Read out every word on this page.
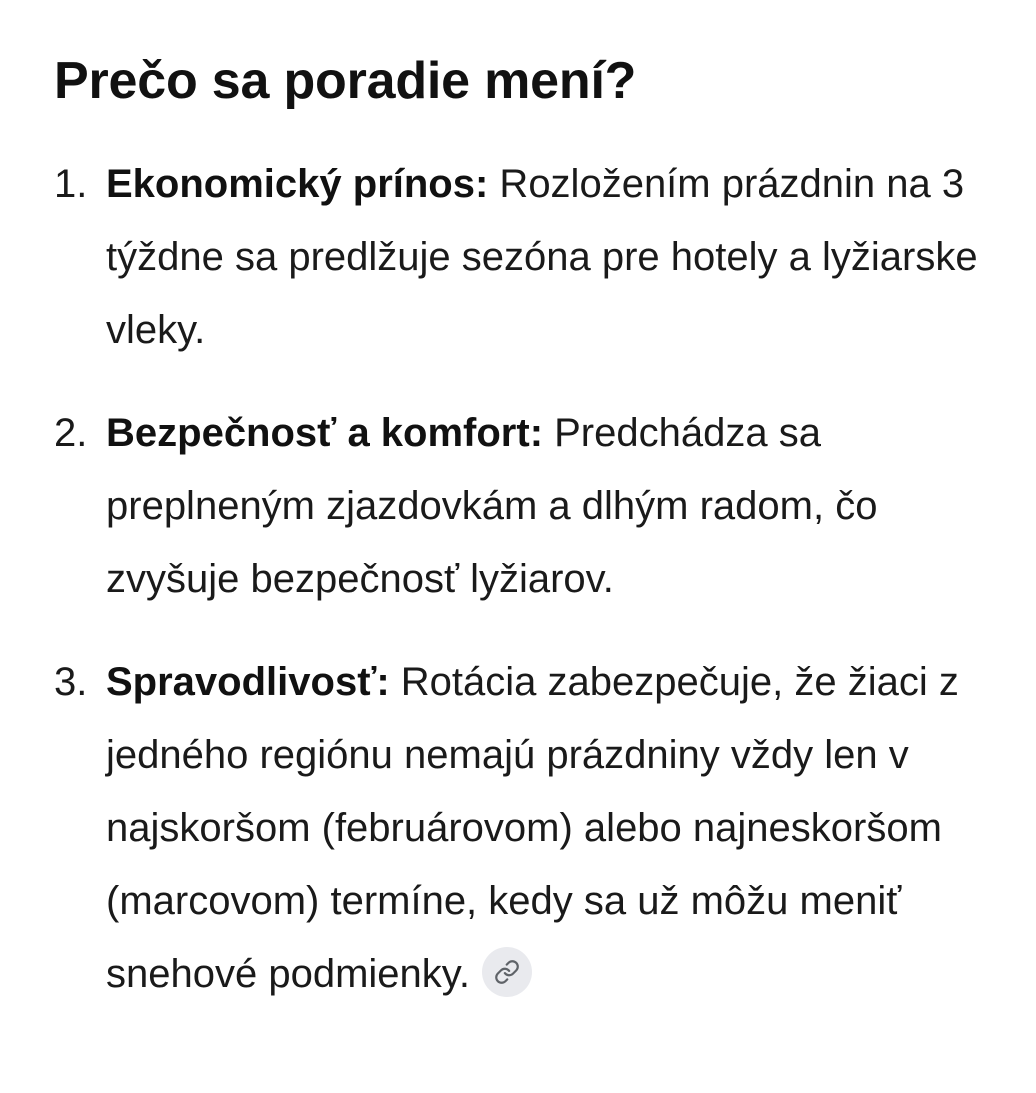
Prečo sa poradie mení?
1. Ekonomický prínos: Rozložením prázdnin na 3 týždne sa predlžuje sezóna pre hotely a lyžiarske vleky.
2. Bezpečnosť a komfort: Predchádza sa preplneným zjazdovkám a dlhým radom, čo zvyšuje bezpečnosť lyžiarov.
3. Spravodlivosť: Rotácia zabezpečuje, že žiaci z jedného regiónu nemajú prázdniny vždy len v najskoršom (februárovom) alebo najneskoršom (marcovom) termíne, kedy sa už môžu meniť snehové podmienky.
